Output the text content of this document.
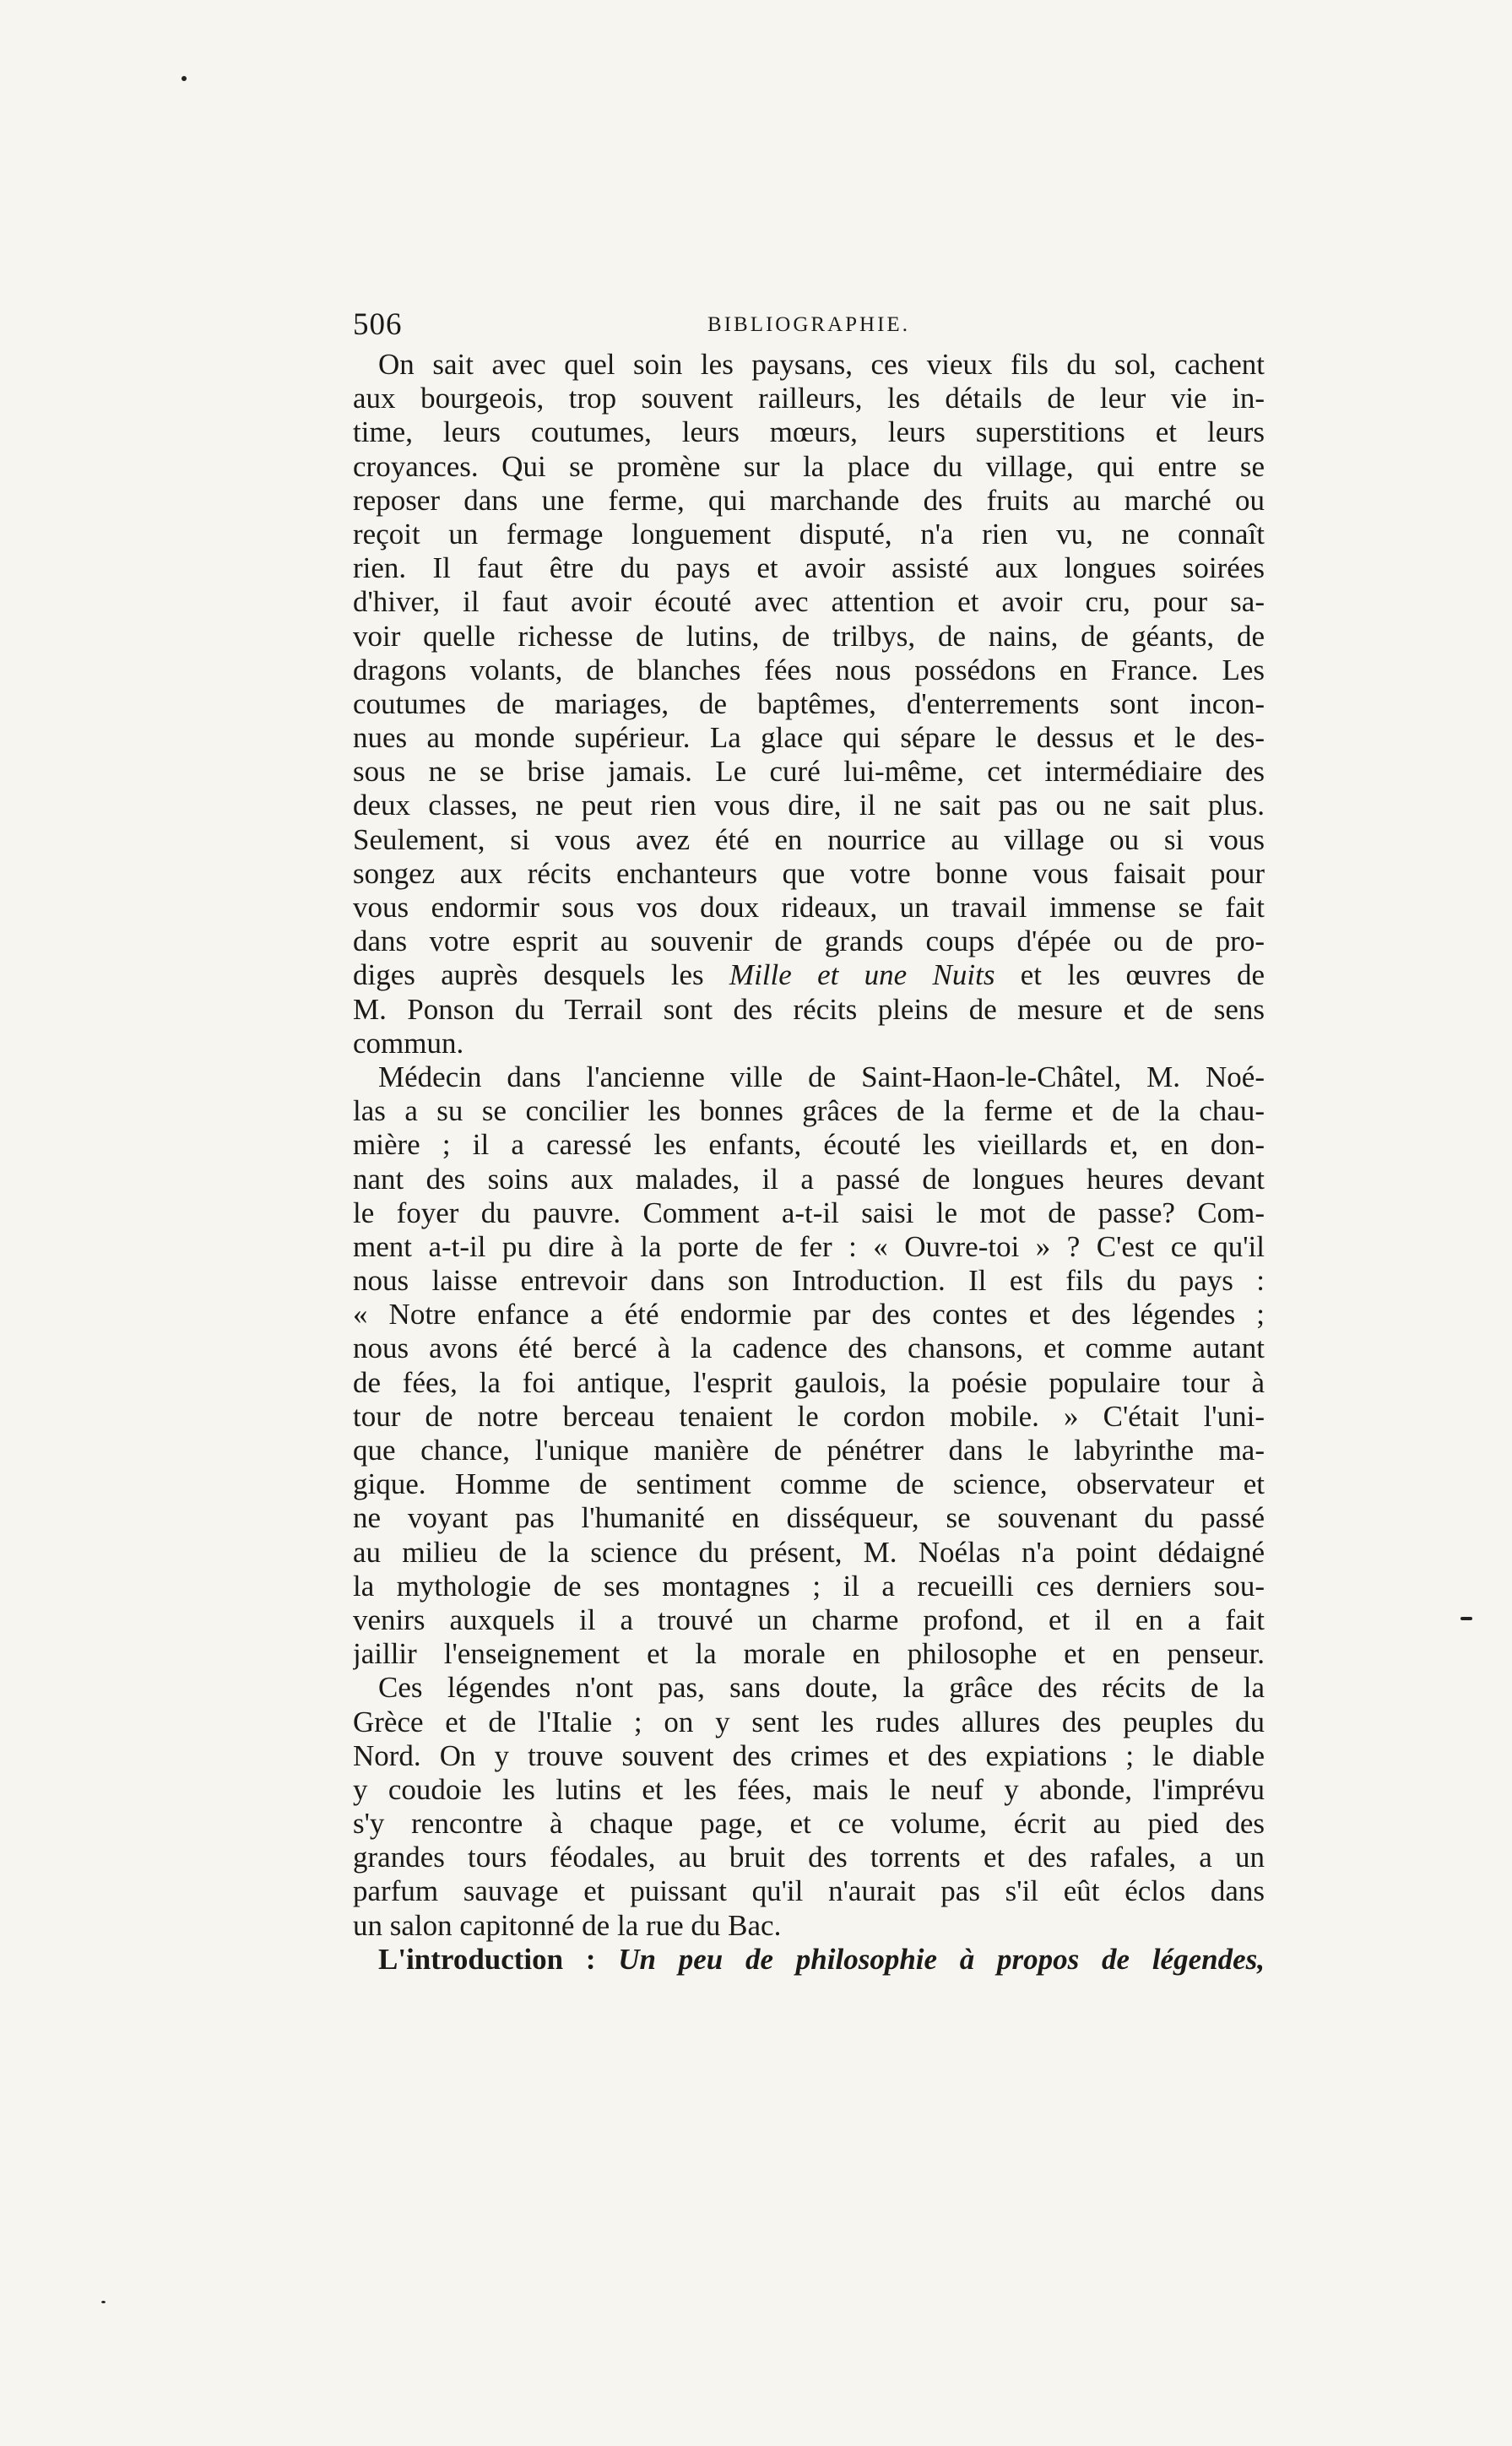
506	BIBLIOGRAPHIE.
On sait avec quel soin les paysans, ces vieux fils du sol, cachent
aux bourgeois, trop souvent railleurs, les détails de leur vie in-
time, leurs coutumes, leurs mœurs, leurs superstitions et leurs
croyances. Qui se promène sur la place du village, qui entre se
reposer dans une ferme, qui marchande des fruits au marché ou
reçoit un fermage longuement disputé, n'a rien vu, ne connaît
rien. Il faut être du pays et avoir assisté aux longues soirées
d'hiver, il faut avoir écouté avec attention et avoir cru, pour sa-
voir quelle richesse de lutins, de trilbys, de nains, de géants, de
dragons volants, de blanches fées nous possédons en France. Les
coutumes de mariages, de baptêmes, d'enterrements sont incon-
nues au monde supérieur. La glace qui sépare le dessus et le des-
sous ne se brise jamais. Le curé lui-même, cet intermédiaire des
deux classes, ne peut rien vous dire, il ne sait pas ou ne sait plus.
Seulement, si vous avez été en nourrice au village ou si vous
songez aux récits enchanteurs que votre bonne vous faisait pour
vous endormir sous vos doux rideaux, un travail immense se fait
dans votre esprit au souvenir de grands coups d'épée ou de pro-
diges auprès desquels les Mille et une Nuits et les œuvres de
M. Ponson du Terrail sont des récits pleins de mesure et de sens
commun.
Médecin dans l'ancienne ville de Saint-Haon-le-Châtel, M. Noé-
las a su se concilier les bonnes grâces de la ferme et de la chau-
mière ; il a caressé les enfants, écouté les vieillards et, en don-
nant des soins aux malades, il a passé de longues heures devant
le foyer du pauvre. Comment a-t-il saisi le mot de passe? Com-
ment a-t-il pu dire à la porte de fer : « Ouvre-toi » ? C'est ce qu'il
nous laisse entrevoir dans son Introduction. Il est fils du pays :
« Notre enfance a été endormie par des contes et des légendes ;
nous avons été bercé à la cadence des chansons, et comme autant
de fées, la foi antique, l'esprit gaulois, la poésie populaire tour à
tour de notre berceau tenaient le cordon mobile. » C'était l'uni-
que chance, l'unique manière de pénétrer dans le labyrinthe ma-
gique. Homme de sentiment comme de science, observateur et
ne voyant pas l'humanité en disséqueur, se souvenant du passé
au milieu de la science du présent, M. Noélas n'a point dédaigné
la mythologie de ses montagnes ; il a recueilli ces derniers sou-
venirs auxquels il a trouvé un charme profond, et il en a fait
jaillir l'enseignement et la morale en philosophe et en penseur.
Ces légendes n'ont pas, sans doute, la grâce des récits de la
Grèce et de l'Italie ; on y sent les rudes allures des peuples du
Nord. On y trouve souvent des crimes et des expiations ; le diable
y coudoie les lutins et les fées, mais le neuf y abonde, l'imprévu
s'y rencontre à chaque page, et ce volume, écrit au pied des
grandes tours féodales, au bruit des torrents et des rafales, a un
parfum sauvage et puissant qu'il n'aurait pas s'il eût éclos dans
un salon capitonné de la rue du Bac.
L'introduction : Un peu de philosophie à propos de légendes,
